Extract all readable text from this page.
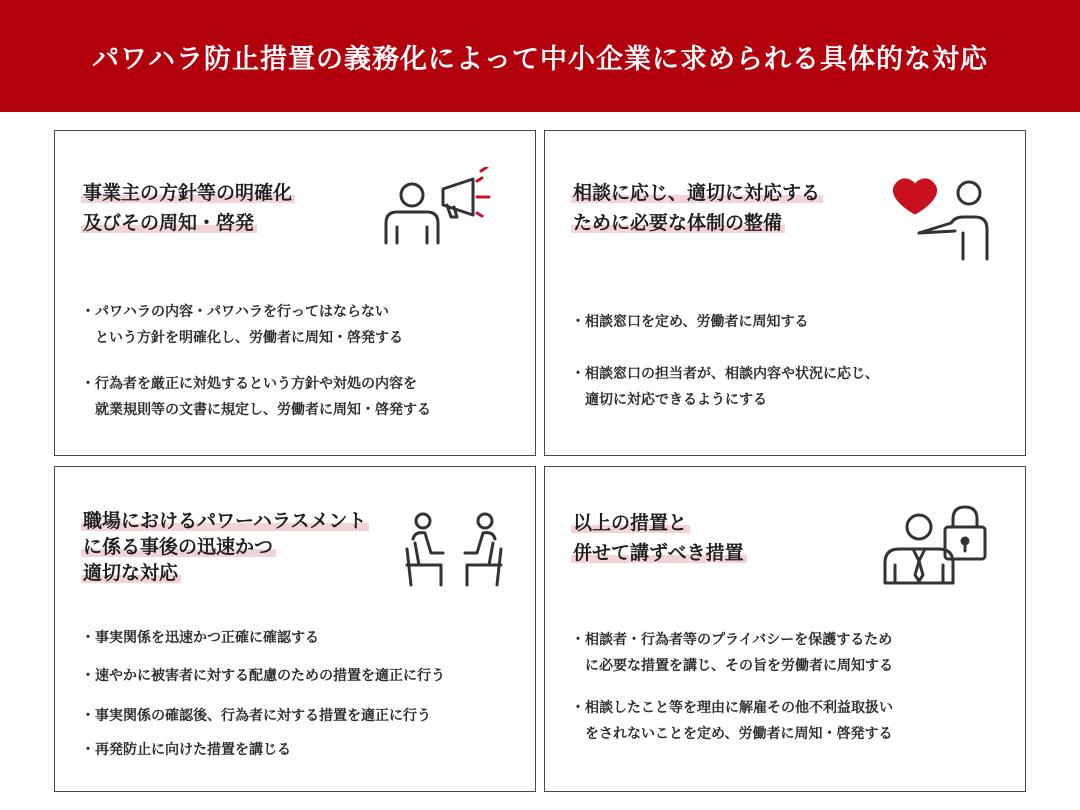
パワハラ防止措置の義務化によって中小企業に求められる具体的な対応
事業主の方針等の明確化
及びその周知・啓発
・パワハラの内容・パワハラを行ってはならない
という方針を明確化し、労働者に周知・啓発する
・行為者を厳正に対処するという方針や対処の内容を
就業規則等の文書に規定し、労働者に周知・啓発する
相談に応じ、適切に対応する
ために必要な体制の整備
・相談窓口を定め、労働者に周知する
・相談窓口の担当者が、相談内容や状況に応じ、
適切に対応できるようにする
職場におけるパワーハラスメント
に係る事後の迅速かつ
適切な対応
・事実関係を迅速かつ正確に確認する
・速やかに被害者に対する配慮のための措置を適正に行う
・事実関係の確認後、行為者に対する措置を適正に行う
・再発防止に向けた措置を講じる
以上の措置と
併せて講ずべき措置
・相談者・行為者等のプライバシーを保護するため
に必要な措置を講じ、その旨を労働者に周知する
・相談したこと等を理由に解雇その他不利益取扱い
をされないことを定め、労働者に周知・啓発する
